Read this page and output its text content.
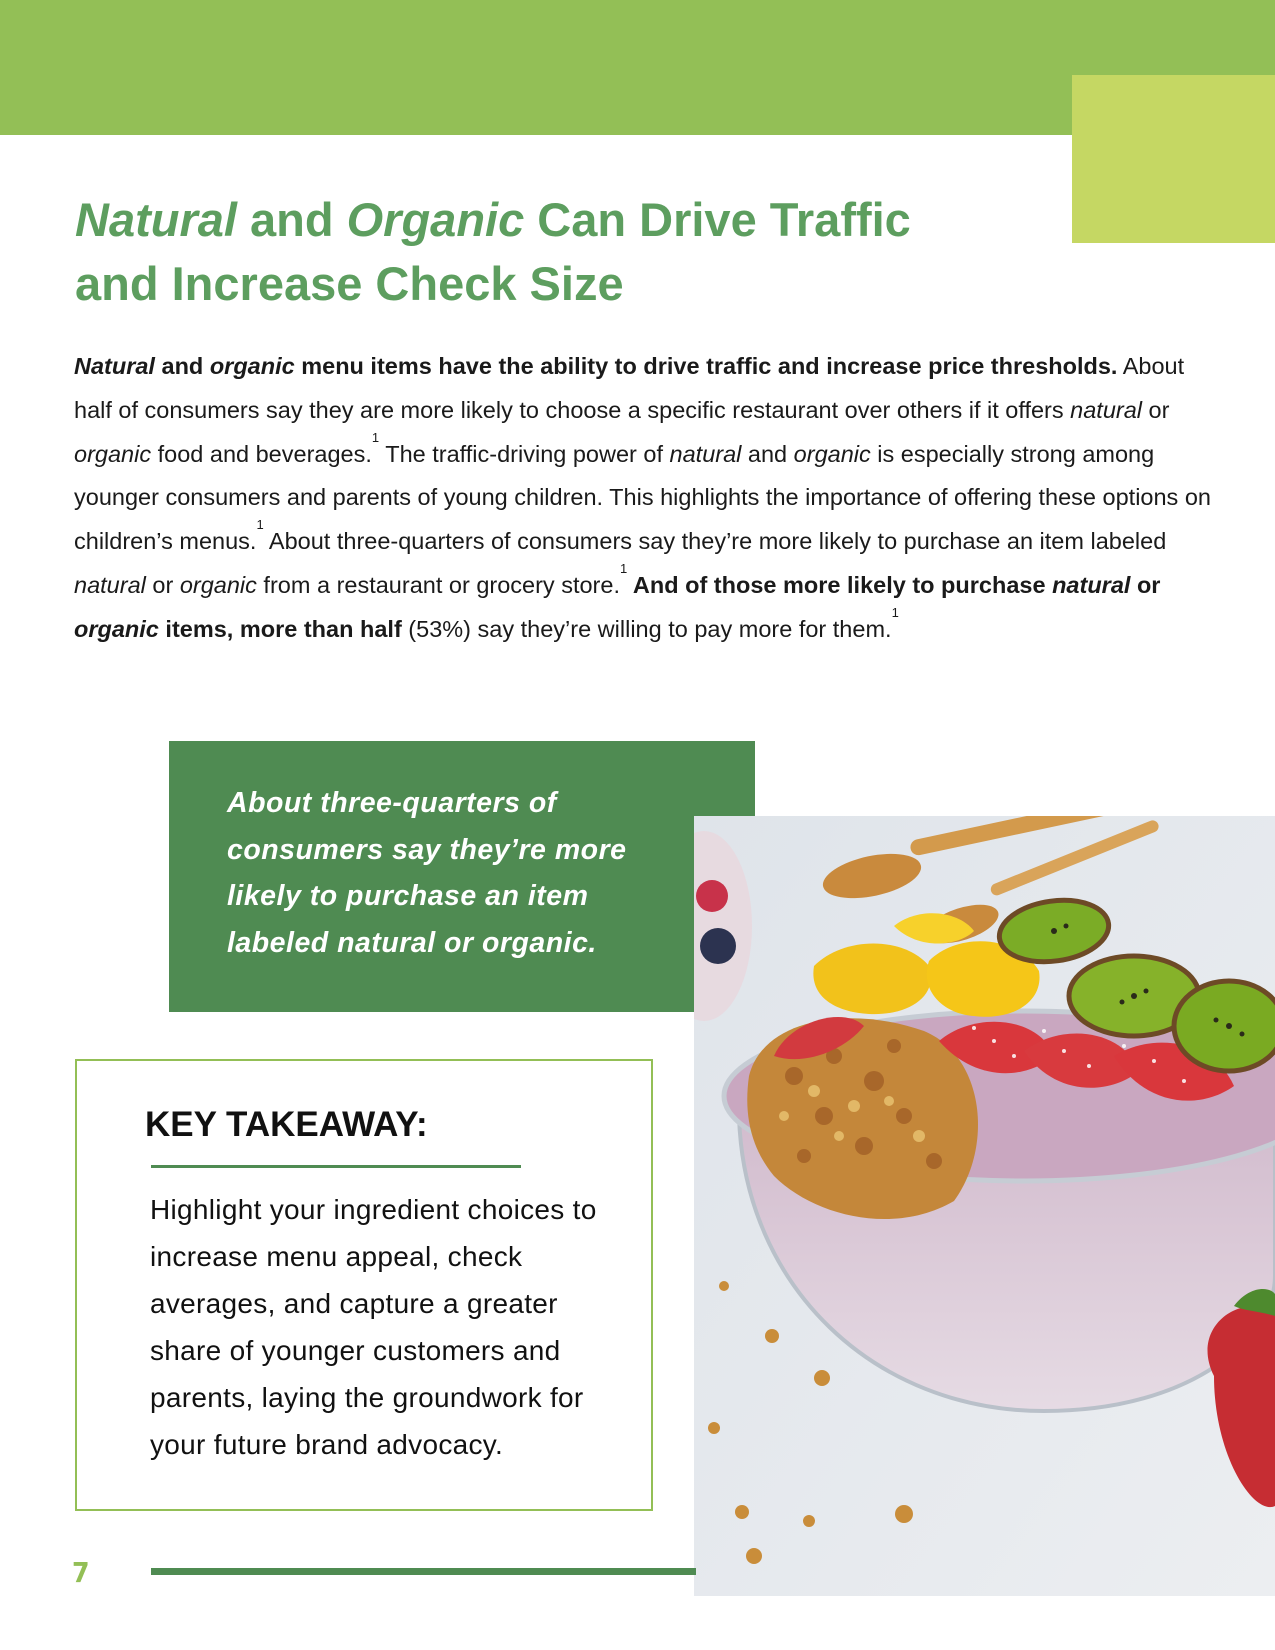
Natural and Organic Can Drive Traffic and Increase Check Size

Natural and organic menu items have the ability to drive traffic and increase price thresholds. About half of consumers say they are more likely to choose a specific restaurant over others if it offers natural or organic food and beverages.$^1$ The traffic-driving power of natural and organic is especially strong among younger consumers and parents of young children. This highlights the importance of offering these options on children’s menus.$^1$ About three-quarters of consumers say they’re more likely to purchase an item labeled natural or organic from a restaurant or grocery store.$^1$ And of those more likely to purchase natural or organic items, more than half (53%) say they’re willing to pay more for them.$^1$

About three-quarters of consumers say they’re more likely to purchase an item labeled natural or organic.

KEY TAKEAWAY:

Highlight your ingredient choices to increase menu appeal, check averages, and capture a greater share of younger customers and parents, laying the groundwork for your future brand advocacy.

7
